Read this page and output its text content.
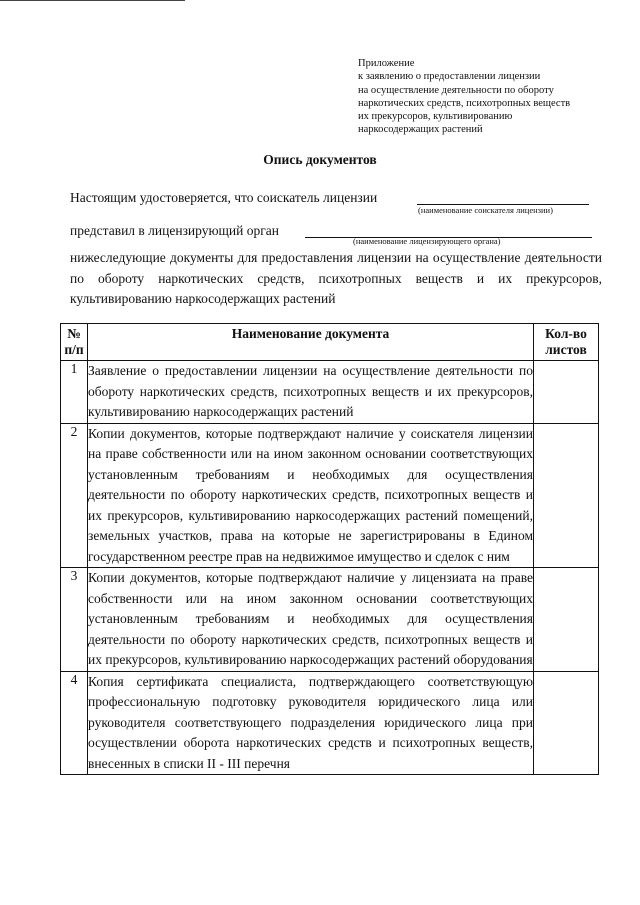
Приложение
к заявлению о предоставлении лицензии
на осуществление деятельности по обороту
наркотических средств, психотропных веществ
их прекурсоров, культивированию
наркосодержащих растений
Опись документов
Настоящим удостоверяется, что соискатель лицензии
(наименование соискателя лицензии)
представил в лицензирующий орган
(наименование лицензирующего органа)
нижеследующие документы для предоставления лицензии на осуществление деятельности по обороту наркотических средств, психотропных веществ и их прекурсоров, культивированию наркосодержащих растений
№ п/п	Наименование документа	Кол-во листов
1	Заявление о предоставлении лицензии на осуществление деятельности по обороту наркотических средств, психотропных веществ и их прекурсоров, культивированию наркосодержащих растений	
2	Копии документов, которые подтверждают наличие у соискателя лицензии на праве собственности или на ином законном основании соответствующих установленным требованиям и необходимых для осуществления деятельности по обороту наркотических средств, психотропных веществ и их прекурсоров, культивированию наркосодержащих растений помещений, земельных участков, права на которые не зарегистрированы в Едином государственном реестре прав на недвижимое имущество и сделок с ним	
3	Копии документов, которые подтверждают наличие у лицензиата на праве собственности или на ином законном основании соответствующих установленным требованиям и необходимых для осуществления деятельности по обороту наркотических средств, психотропных веществ и их прекурсоров, культивированию наркосодержащих растений оборудования	
4	Копия сертификата специалиста, подтверждающего соответствующую профессиональную подготовку руководителя юридического лица или руководителя соответствующего подразделения юридического лица при осуществлении оборота наркотических средств и психотропных веществ, внесенных в списки II - III перечня	
